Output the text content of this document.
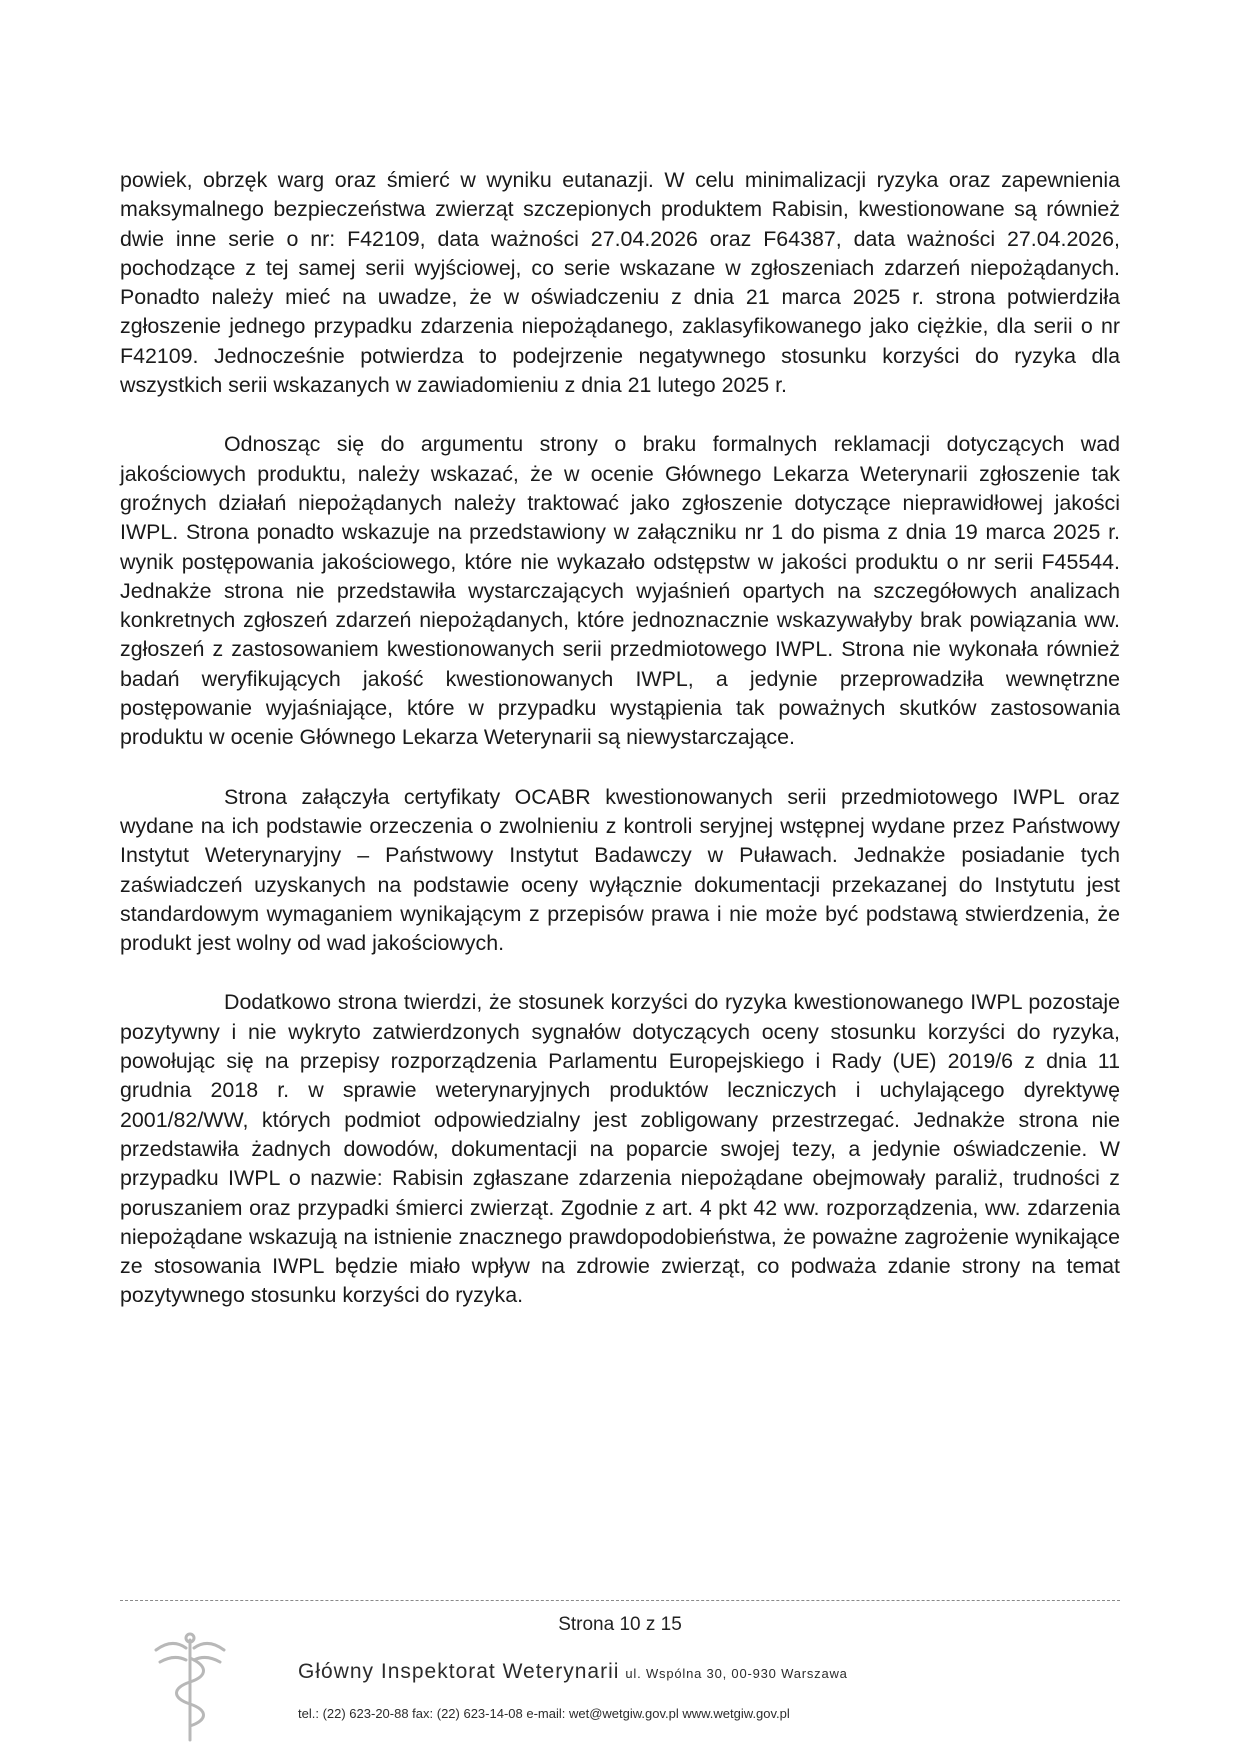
powiek, obrzęk warg oraz śmierć w wyniku eutanazji. W celu minimalizacji ryzyka oraz zapewnienia maksymalnego bezpieczeństwa zwierząt szczepionych produktem Rabisin, kwestionowane są również dwie inne serie o nr: F42109, data ważności 27.04.2026 oraz F64387, data ważności 27.04.2026, pochodzące z tej samej serii wyjściowej, co serie wskazane w zgłoszeniach zdarzeń niepożądanych. Ponadto należy mieć na uwadze, że w oświadczeniu z dnia 21 marca 2025 r. strona potwierdziła zgłoszenie jednego przypadku zdarzenia niepożądanego, zaklasyfikowanego jako ciężkie, dla serii o nr F42109. Jednocześnie potwierdza to podejrzenie negatywnego stosunku korzyści do ryzyka dla wszystkich serii wskazanych w zawiadomieniu z dnia 21 lutego 2025 r.

Odnosząc się do argumentu strony o braku formalnych reklamacji dotyczących wad jakościowych produktu, należy wskazać, że w ocenie Głównego Lekarza Weterynarii zgłoszenie tak groźnych działań niepożądanych należy traktować jako zgłoszenie dotyczące nieprawidłowej jakości IWPL. Strona ponadto wskazuje na przedstawiony w załączniku nr 1 do pisma z dnia 19 marca 2025 r. wynik postępowania jakościowego, które nie wykazało odstępstw w jakości produktu o nr serii F45544. Jednakże strona nie przedstawiła wystarczających wyjaśnień opartych na szczegółowych analizach konkretnych zgłoszeń zdarzeń niepożądanych, które jednoznacznie wskazywałyby brak powiązania ww. zgłoszeń z zastosowaniem kwestionowanych serii przedmiotowego IWPL. Strona nie wykonała również badań weryfikujących jakość kwestionowanych IWPL, a jedynie przeprowadziła wewnętrzne postępowanie wyjaśniające, które w przypadku wystąpienia tak poważnych skutków zastosowania produktu w ocenie Głównego Lekarza Weterynarii są niewystarczające.

Strona załączyła certyfikaty OCABR kwestionowanych serii przedmiotowego IWPL oraz wydane na ich podstawie orzeczenia o zwolnieniu z kontroli seryjnej wstępnej wydane przez Państwowy Instytut Weterynaryjny – Państwowy Instytut Badawczy w Puławach. Jednakże posiadanie tych zaświadczeń uzyskanych na podstawie oceny wyłącznie dokumentacji przekazanej do Instytutu jest standardowym wymaganiem wynikającym z przepisów prawa i nie może być podstawą stwierdzenia, że produkt jest wolny od wad jakościowych.

Dodatkowo strona twierdzi, że stosunek korzyści do ryzyka kwestionowanego IWPL pozostaje pozytywny i nie wykryto zatwierdzonych sygnałów dotyczących oceny stosunku korzyści do ryzyka, powołując się na przepisy rozporządzenia Parlamentu Europejskiego i Rady (UE) 2019/6 z dnia 11 grudnia 2018 r. w sprawie weterynaryjnych produktów leczniczych i uchylającego dyrektywę 2001/82/WW, których podmiot odpowiedzialny jest zobligowany przestrzegać. Jednakże strona nie przedstawiła żadnych dowodów, dokumentacji na poparcie swojej tezy, a jedynie oświadczenie. W przypadku IWPL o nazwie: Rabisin zgłaszane zdarzenia niepożądane obejmowały paraliż, trudności z poruszaniem oraz przypadki śmierci zwierząt. Zgodnie z art. 4 pkt 42 ww. rozporządzenia, ww. zdarzenia niepożądane wskazują na istnienie znacznego prawdopodobieństwa, że poważne zagrożenie wynikające ze stosowania IWPL będzie miało wpływ na zdrowie zwierząt, co podważa zdanie strony na temat pozytywnego stosunku korzyści do ryzyka.

Strona 10 z 15
Główny Inspektorat Weterynarii ul. Wspólna 30, 00-930 Warszawa
tel.: (22) 623-20-88 fax: (22) 623-14-08 e-mail: wet@wetgiw.gov.pl www.wetgiw.gov.pl
